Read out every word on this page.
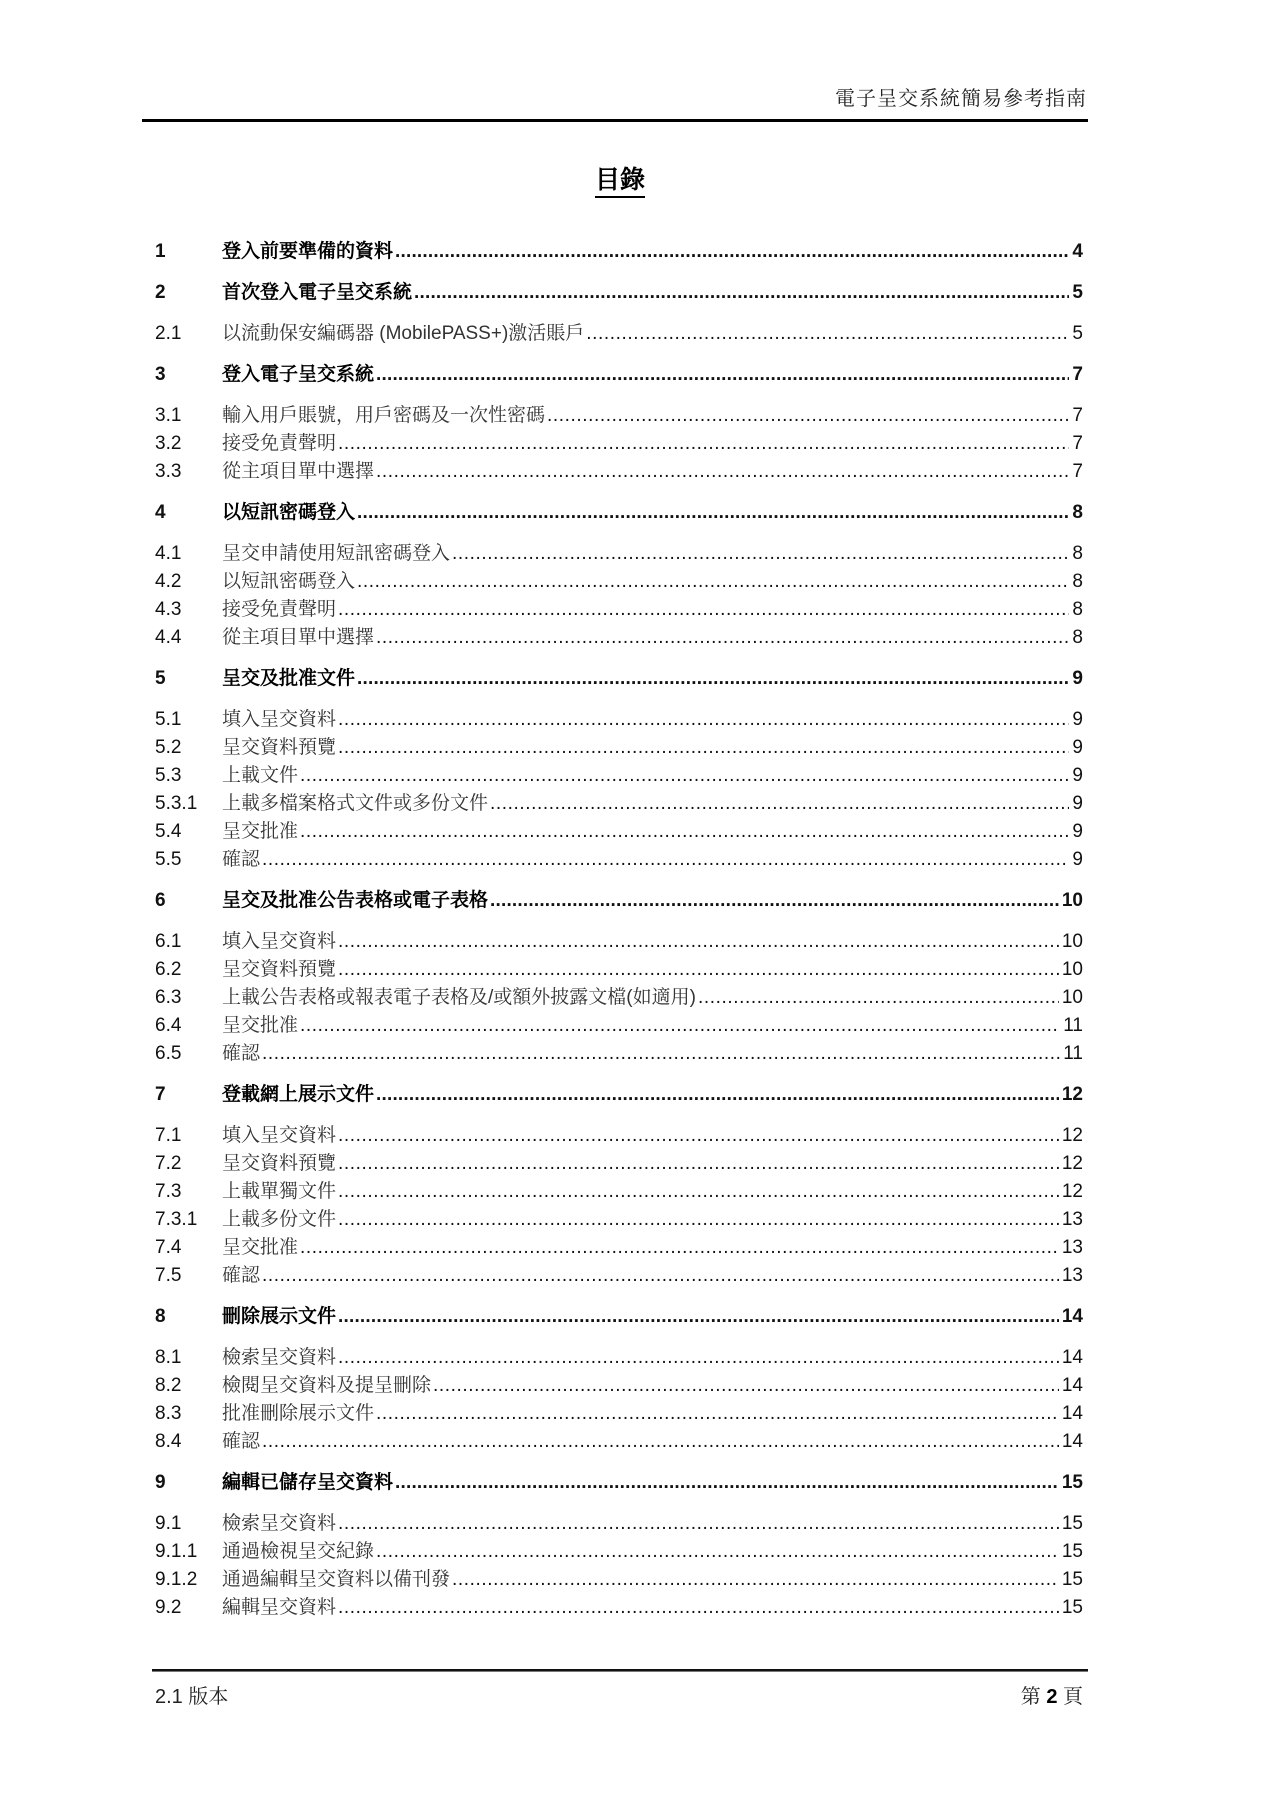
電子呈交系統簡易參考指南
目錄
1	登入前要準備的資料 .....	4
2	首次登入電子呈交系統 .....	5
2.1	以流動保安編碼器 (MobilePASS+)激活賬戶 .....	5
3	登入電子呈交系統 .....	7
3.1	輸入用戶賬號，用戶密碼及一次性密碼 .....	7
3.2	接受免責聲明 .....	7
3.3	從主項目單中選擇 .....	7
4	以短訊密碼登入 .....	8
4.1	呈交申請使用短訊密碼登入 .....	8
4.2	以短訊密碼登入 .....	8
4.3	接受免責聲明 .....	8
4.4	從主項目單中選擇 .....	8
5	呈交及批准文件 .....	9
5.1	填入呈交資料 .....	9
5.2	呈交資料預覽 .....	9
5.3	上載文件 .....	9
5.3.1	上載多檔案格式文件或多份文件 .....	9
5.4	呈交批准 .....	9
5.5	確認 .....	9
6	呈交及批准公告表格或電子表格 .....	10
6.1	填入呈交資料 .....	10
6.2	呈交資料預覽 .....	10
6.3	上載公告表格或報表電子表格及/或額外披露文檔(如適用) .....	10
6.4	呈交批准 .....	11
6.5	確認 .....	11
7	登載網上展示文件 .....	12
7.1	填入呈交資料 .....	12
7.2	呈交資料預覽 .....	12
7.3	上載單獨文件 .....	12
7.3.1	上載多份文件 .....	13
7.4	呈交批准 .....	13
7.5	確認 .....	13
8	刪除展示文件 .....	14
8.1	檢索呈交資料 .....	14
8.2	檢閱呈交資料及提呈刪除 .....	14
8.3	批准刪除展示文件 .....	14
8.4	確認 .....	14
9	編輯已儲存呈交資料 .....	15
9.1	檢索呈交資料 .....	15
9.1.1	通過檢視呈交紀錄 .....	15
9.1.2	通過編輯呈交資料以備刊發 .....	15
9.2	編輯呈交資料 .....	15
2.1 版本	第 2 頁
